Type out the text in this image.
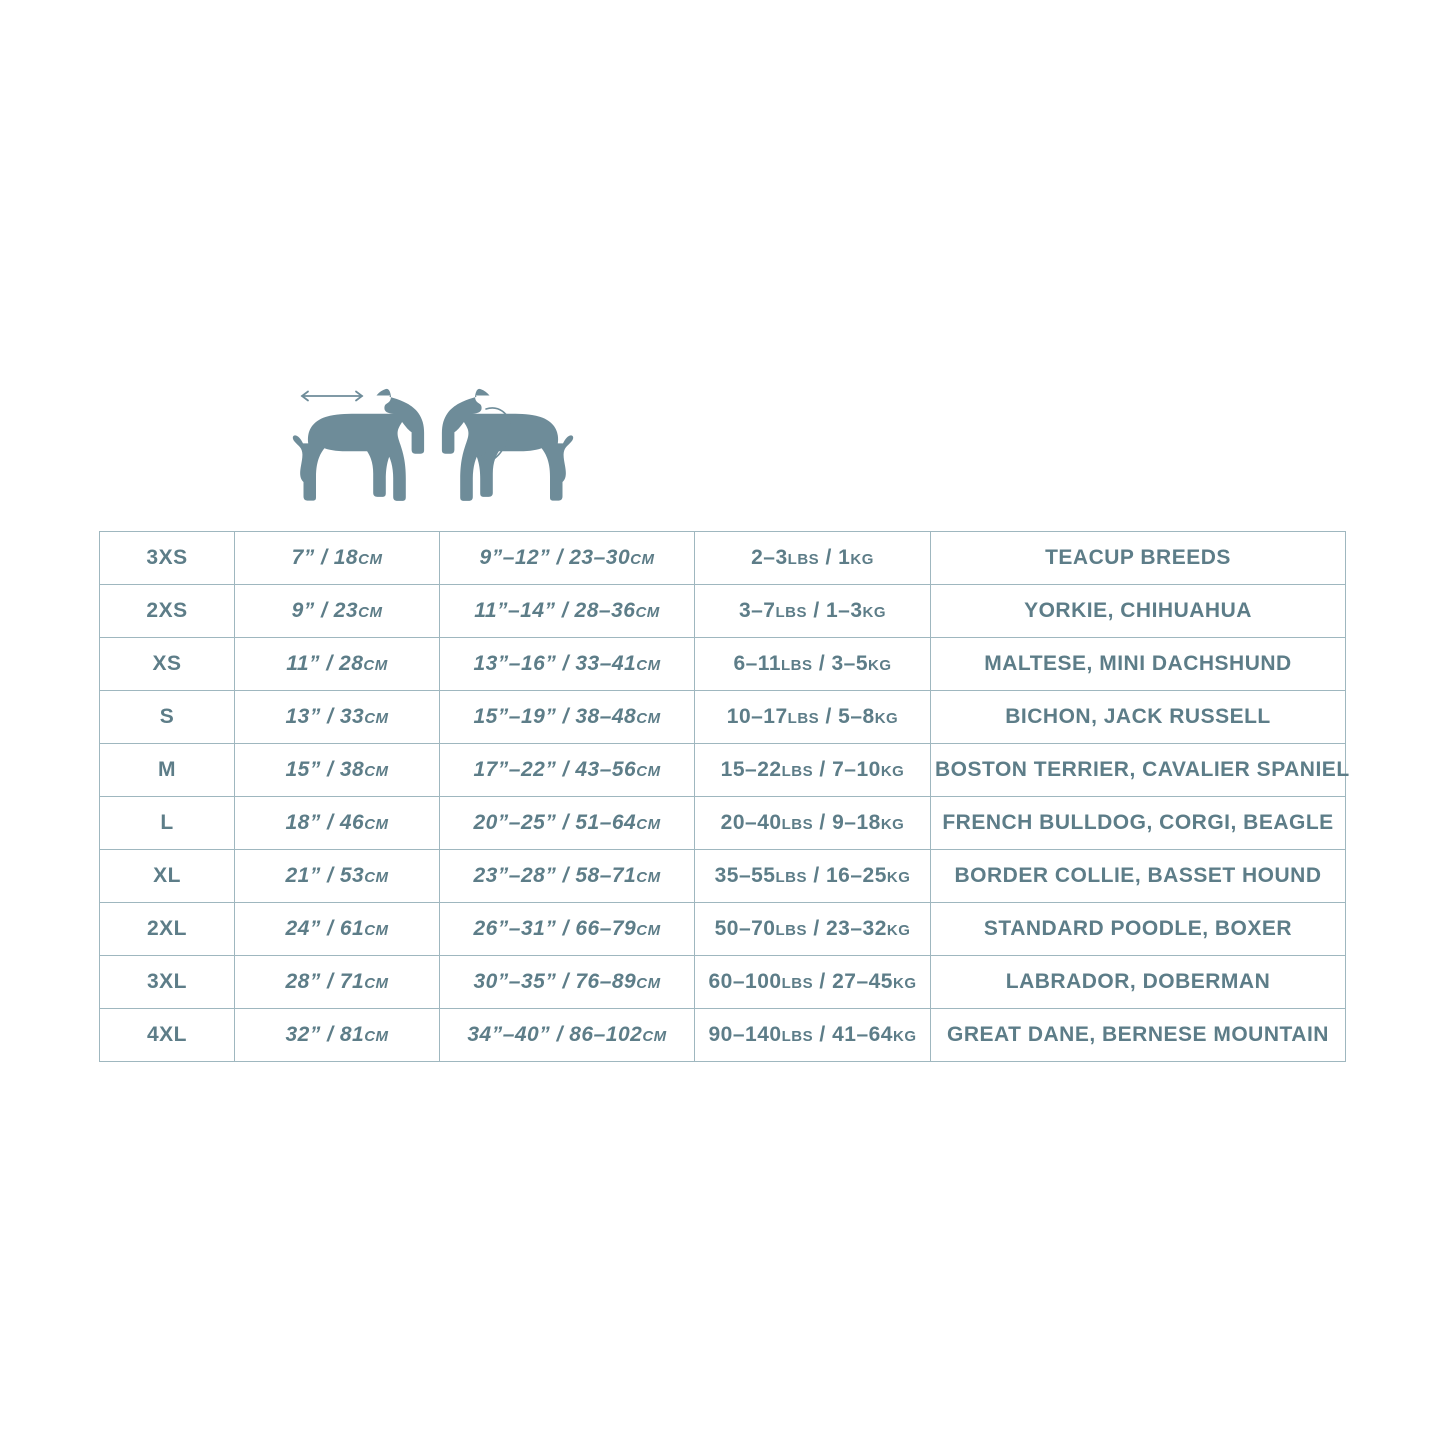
3XS	7” / 18CM	9”–12” / 23–30CM	2–3LBS / 1KG	TEACUP BREEDS
2XS	9” / 23CM	11”–14” / 28–36CM	3–7LBS / 1–3KG	YORKIE, CHIHUAHUA
XS	11” / 28CM	13”–16” / 33–41CM	6–11LBS / 3–5KG	MALTESE, MINI DACHSHUND
S	13” / 33CM	15”–19” / 38–48CM	10–17LBS / 5–8KG	BICHON, JACK RUSSELL
M	15” / 38CM	17”–22” / 43–56CM	15–22LBS / 7–10KG	BOSTON TERRIER, CAVALIER SPANIEL
L	18” / 46CM	20”–25” / 51–64CM	20–40LBS / 9–18KG	FRENCH BULLDOG, CORGI, BEAGLE
XL	21” / 53CM	23”–28” / 58–71CM	35–55LBS / 16–25KG	BORDER COLLIE, BASSET HOUND
2XL	24” / 61CM	26”–31” / 66–79CM	50–70LBS / 23–32KG	STANDARD POODLE, BOXER
3XL	28” / 71CM	30”–35” / 76–89CM	60–100LBS / 27–45KG	LABRADOR, DOBERMAN
4XL	32” / 81CM	34”–40” / 86–102CM	90–140LBS / 41–64KG	GREAT DANE, BERNESE MOUNTAIN
